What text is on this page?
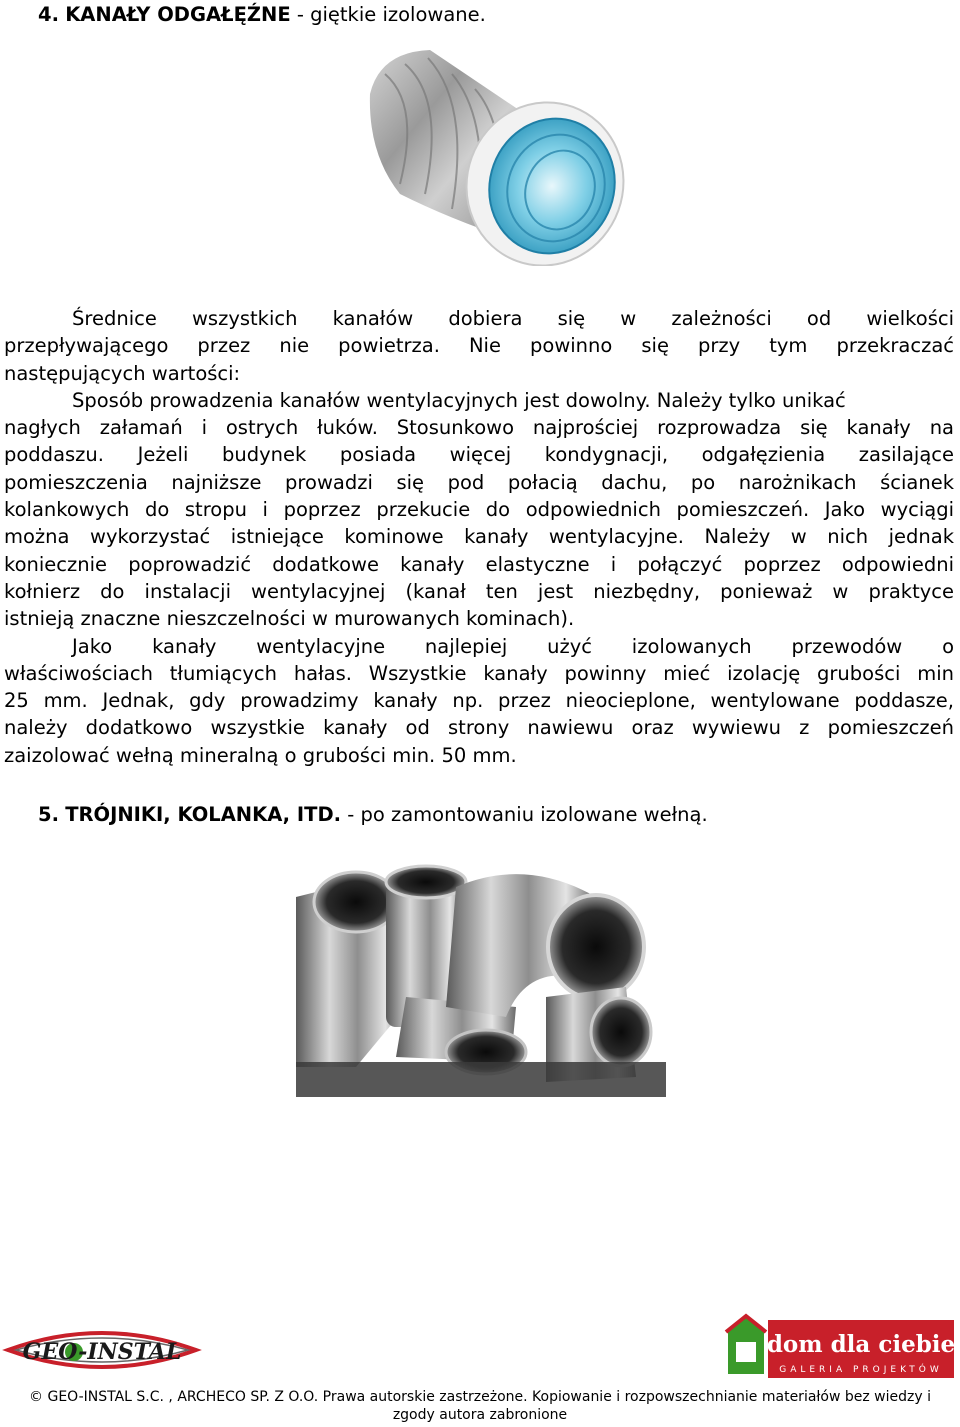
4. KANAŁY ODGAŁĘŹNE - giętkie izolowane.
Średnice wszystkich kanałów dobiera się w zależności od wielkości
przepływającego przez nie powietrza. Nie powinno się przy tym przekraczać
następujących wartości:
Sposób prowadzenia kanałów wentylacyjnych jest dowolny. Należy tylko unikać
nagłych załamań i ostrych łuków. Stosunkowo najprościej rozprowadza się kanały na
poddaszu. Jeżeli budynek posiada więcej kondygnacji, odgałęzienia zasilające
pomieszczenia najniższe prowadzi się pod połacią dachu, po narożnikach ścianek
kolankowych do stropu i poprzez przekucie do odpowiednich pomieszczeń. Jako wyciągi
można wykorzystać istniejące kominowe kanały wentylacyjne. Należy w nich jednak
koniecznie poprowadzić dodatkowe kanały elastyczne i połączyć poprzez odpowiedni
kołnierz do instalacji wentylacyjnej (kanał ten jest niezbędny, ponieważ w praktyce
istnieją znaczne nieszczelności w murowanych kominach).
Jako kanały wentylacyjne najlepiej użyć izolowanych przewodów o
właściwościach tłumiących hałas. Wszystkie kanały powinny mieć izolację grubości min
25 mm. Jednak, gdy prowadzimy kanały np. przez nieocieplone, wentylowane poddasze,
należy dodatkowo wszystkie kanały od strony nawiewu oraz wywiewu z pomieszczeń
zaizolować wełną mineralną o grubości min. 50 mm.
5. TRÓJNIKI, KOLANKA, ITD. - po zamontowaniu izolowane wełną.
GEO-INSTAL	dom dla ciebie
GALERIA PROJEKTÓW
© GEO-INSTAL S.C. , ARCHECO SP. Z O.O. Prawa autorskie zastrzeżone. Kopiowanie i rozpowszechnianie materiałów bez wiedzy i
zgody autora zabronione
